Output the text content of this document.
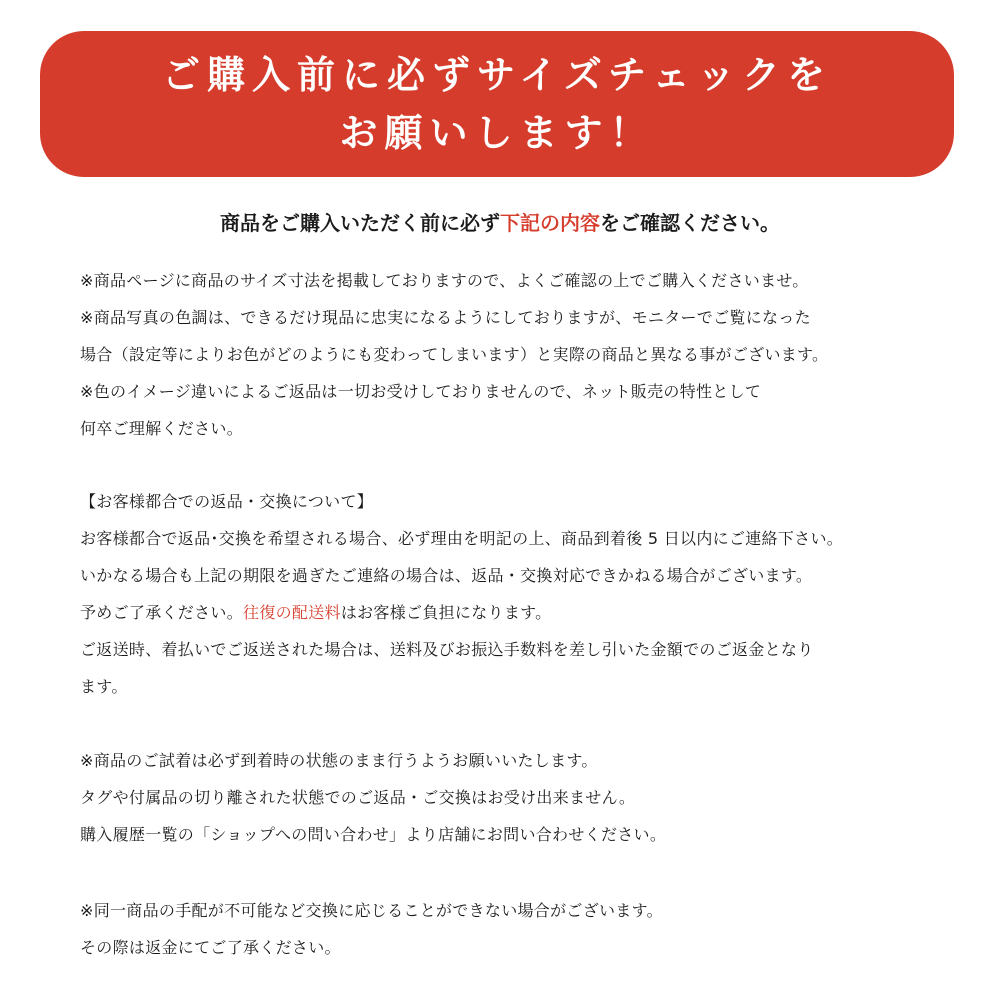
ご購入前に必ずサイズチェックを
お願いします！
商品をご購入いただく前に必ず下記の内容をご確認ください。
※商品ページに商品のサイズ寸法を掲載しておりますので、よくご確認の上でご購入くださいませ。
※商品写真の色調は、できるだけ現品に忠実になるようにしておりますが、モニターでご覧になった
場合（設定等によりお色がどのようにも変わってしまいます）と実際の商品と異なる事がございます。
※色のイメージ違いによるご返品は一切お受けしておりませんので、ネット販売の特性として
何卒ご理解ください。
【お客様都合での返品・交換について】
お客様都合で返品･交換を希望される場合、必ず理由を明記の上、商品到着後 5 日以内にご連絡下さい。
いかなる場合も上記の期限を過ぎたご連絡の場合は、返品・交換対応できかねる場合がございます。
予めご了承ください。往復の配送料はお客様ご負担になります。
ご返送時、着払いでご返送された場合は、送料及びお振込手数料を差し引いた金額でのご返金となり
ます。
※商品のご試着は必ず到着時の状態のまま行うようお願いいたします。
タグや付属品の切り離された状態でのご返品・ご交換はお受け出来ません。
購入履歴一覧の「ショップへの問い合わせ」より店舗にお問い合わせください。
※同一商品の手配が不可能など交換に応じることができない場合がございます。
その際は返金にてご了承ください。
